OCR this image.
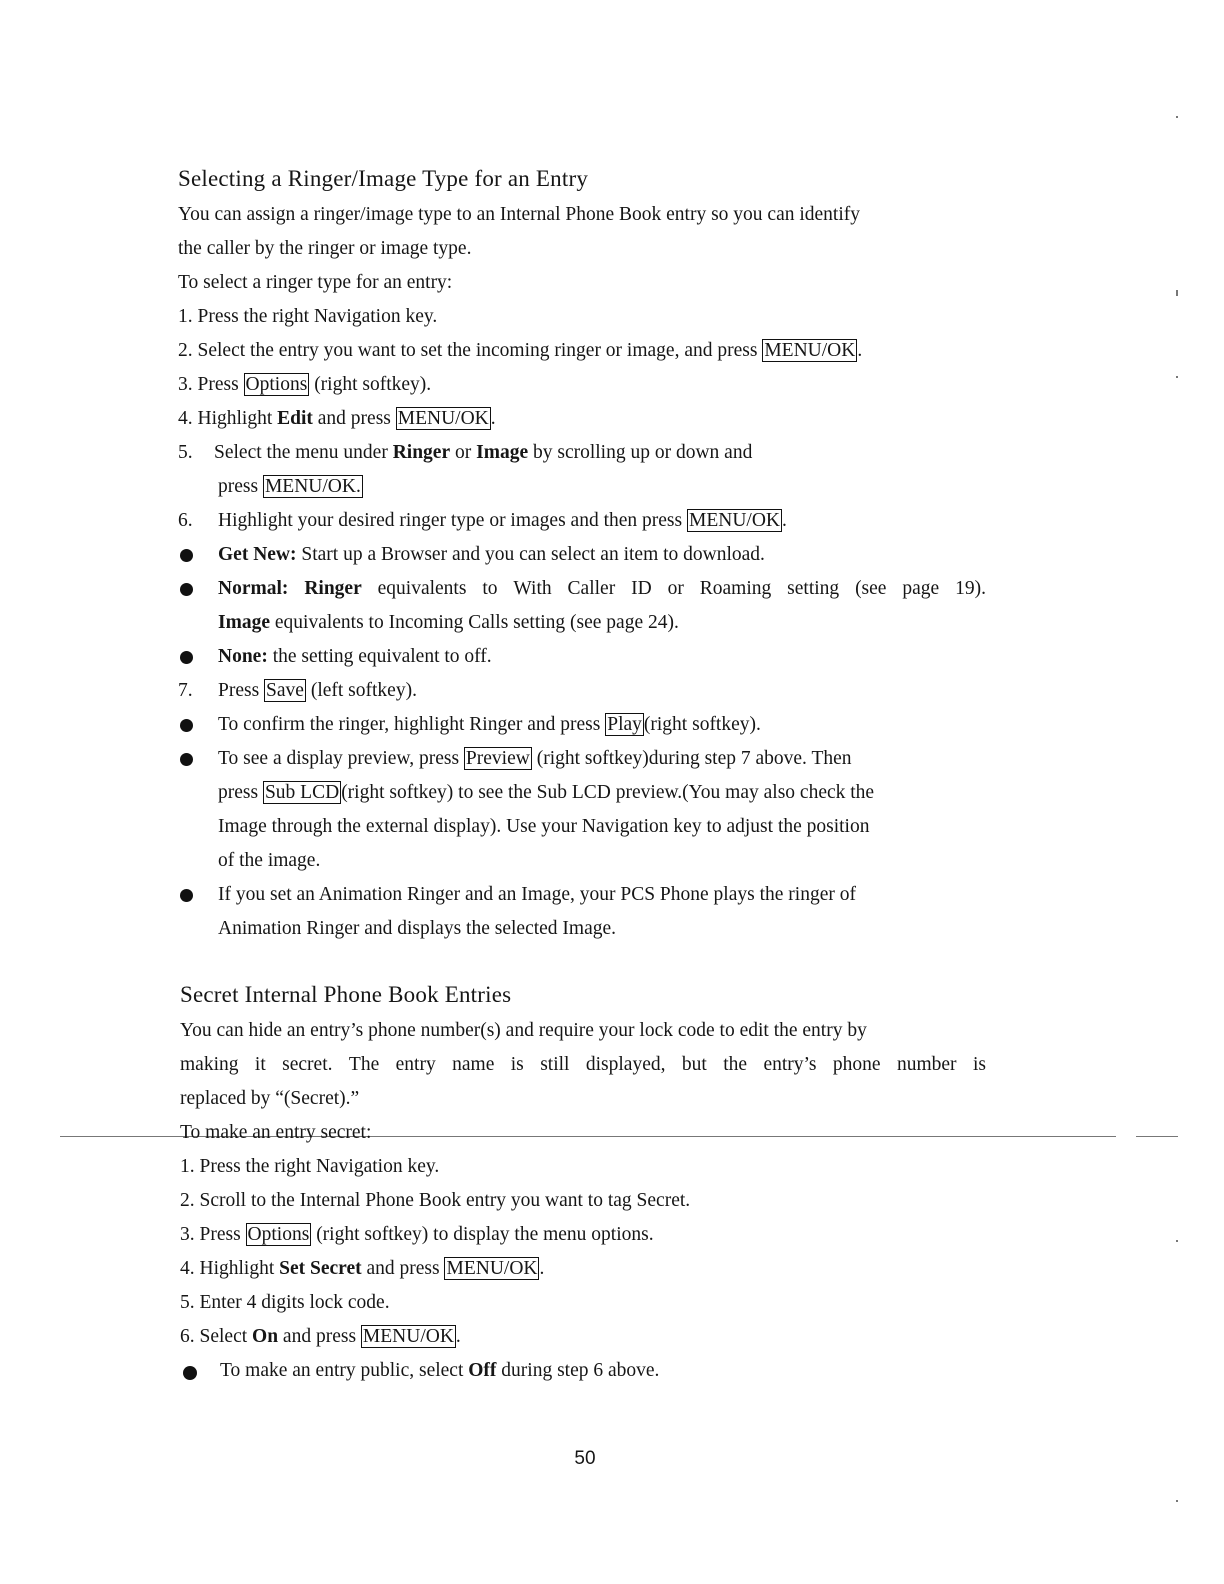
Selecting a Ringer/Image Type for an Entry
You can assign a ringer/image type to an Internal Phone Book entry so you can identify
the caller by the ringer or image type.
To select a ringer type for an entry:
1. Press the right Navigation key.
2. Select the entry you want to set the incoming ringer or image, and press MENU/OK .
3. Press Options (right softkey).
4. Highlight Edit and press MENU/OK .
5. Select the menu under Ringer or Image by scrolling up or down and
press MENU/OK.
6. Highlight your desired ringer type or images and then press MENU/OK .
Get New: Start up a Browser and you can select an item to download.
Normal: Ringer equivalents to With Caller ID or Roaming setting (see page 19).
Image equivalents to Incoming Calls setting (see page 24).
None: the setting equivalent to off.
7. Press Save (left softkey).
To confirm the ringer, highlight Ringer and press Play (right softkey).
To see a display preview, press Preview (right softkey)during step 7 above. Then
press Sub LCD (right softkey) to see the Sub LCD preview.(You may also check the
Image through the external display). Use your Navigation key to adjust the position
of the image.
If you set an Animation Ringer and an Image, your PCS Phone plays the ringer of
Animation Ringer and displays the selected Image.
Secret Internal Phone Book Entries
You can hide an entry’s phone number(s) and require your lock code to edit the entry by
making it secret. The entry name is still displayed, but the entry’s phone number is
replaced by “(Secret).”
To make an entry secret:
1. Press the right Navigation key.
2. Scroll to the Internal Phone Book entry you want to tag Secret.
3. Press Options (right softkey) to display the menu options.
4. Highlight Set Secret and press MENU/OK .
5. Enter 4 digits lock code.
6. Select On and press MENU/OK .
To make an entry public, select Off during step 6 above.
50
